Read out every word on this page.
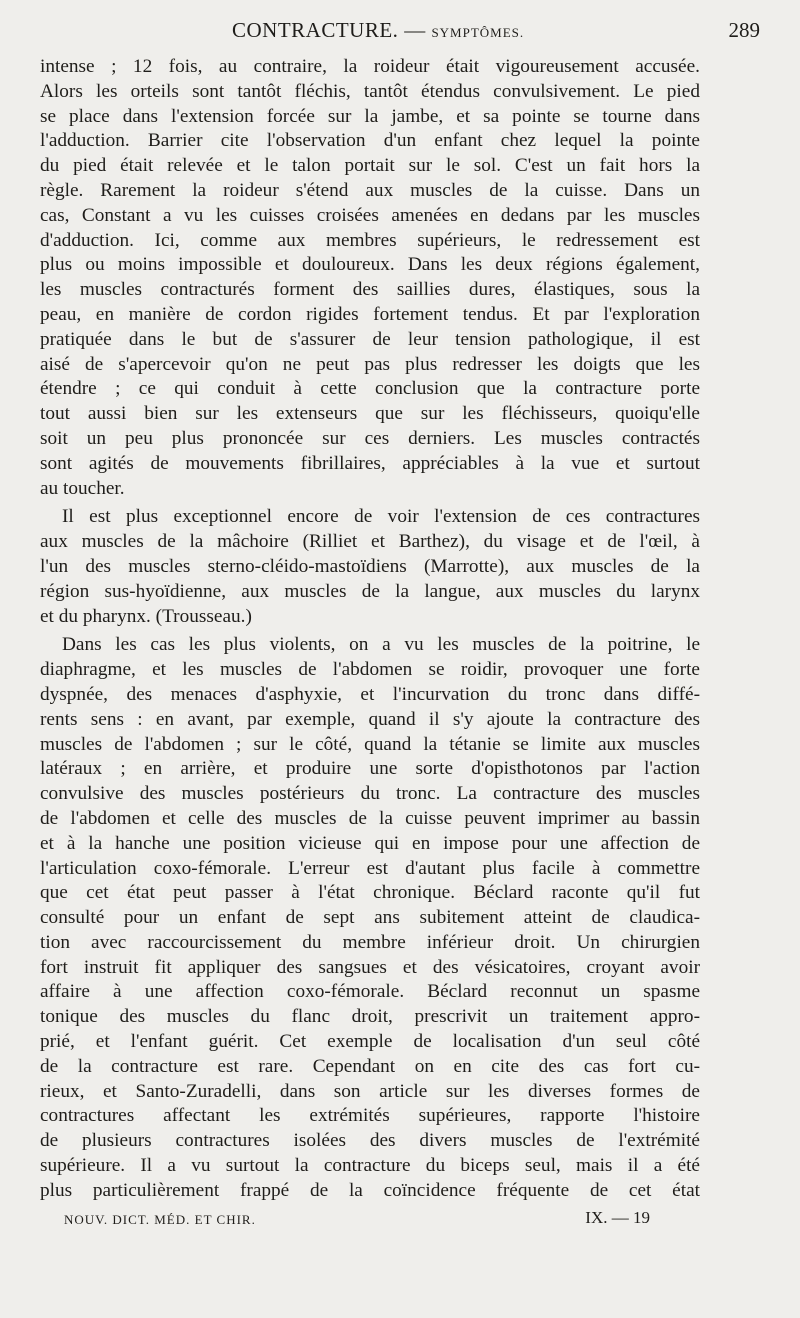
CONTRACTURE. — SYMPTÔMES.	289
intense ; 12 fois, au contraire, la roideur était vigoureusement accusée.
Alors les orteils sont tantôt fléchis, tantôt étendus convulsivement. Le pied
se place dans l'extension forcée sur la jambe, et sa pointe se tourne dans
l'adduction. Barrier cite l'observation d'un enfant chez lequel la pointe
du pied était relevée et le talon portait sur le sol. C'est un fait hors la
règle. Rarement la roideur s'étend aux muscles de la cuisse. Dans un
cas, Constant a vu les cuisses croisées amenées en dedans par les muscles
d'adduction. Ici, comme aux membres supérieurs, le redressement est
plus ou moins impossible et douloureux. Dans les deux régions également,
les muscles contracturés forment des saillies dures, élastiques, sous la
peau, en manière de cordon rigides fortement tendus. Et par l'exploration
pratiquée dans le but de s'assurer de leur tension pathologique, il est
aisé de s'apercevoir qu'on ne peut pas plus redresser les doigts que les
étendre ; ce qui conduit à cette conclusion que la contracture porte
tout aussi bien sur les extenseurs que sur les fléchisseurs, quoiqu'elle
soit un peu plus prononcée sur ces derniers. Les muscles contractés
sont agités de mouvements fibrillaires, appréciables à la vue et surtout
au toucher.
Il est plus exceptionnel encore de voir l'extension de ces contractures
aux muscles de la mâchoire (Rilliet et Barthez), du visage et de l'œil, à
l'un des muscles sterno-cléido-mastoïdiens (Marrotte), aux muscles de la
région sus-hyoïdienne, aux muscles de la langue, aux muscles du larynx
et du pharynx. (Trousseau.)
Dans les cas les plus violents, on a vu les muscles de la poitrine, le
diaphragme, et les muscles de l'abdomen se roidir, provoquer une forte
dyspnée, des menaces d'asphyxie, et l'incurvation du tronc dans diffé-
rents sens : en avant, par exemple, quand il s'y ajoute la contracture des
muscles de l'abdomen ; sur le côté, quand la tétanie se limite aux muscles
latéraux ; en arrière, et produire une sorte d'opisthotonos par l'action
convulsive des muscles postérieurs du tronc. La contracture des muscles
de l'abdomen et celle des muscles de la cuisse peuvent imprimer au bassin
et à la hanche une position vicieuse qui en impose pour une affection de
l'articulation coxo-fémorale. L'erreur est d'autant plus facile à commettre
que cet état peut passer à l'état chronique. Béclard raconte qu'il fut
consulté pour un enfant de sept ans subitement atteint de claudica-
tion avec raccourcissement du membre inférieur droit. Un chirurgien
fort instruit fit appliquer des sangsues et des vésicatoires, croyant avoir
affaire à une affection coxo-fémorale. Béclard reconnut un spasme
tonique des muscles du flanc droit, prescrivit un traitement appro-
prié, et l'enfant guérit. Cet exemple de localisation d'un seul côté
de la contracture est rare. Cependant on en cite des cas fort cu-
rieux, et Santo-Zuradelli, dans son article sur les diverses formes de
contractures affectant les extrémités supérieures, rapporte l'histoire
de plusieurs contractures isolées des divers muscles de l'extrémité
supérieure. Il a vu surtout la contracture du biceps seul, mais il a été
plus particulièrement frappé de la coïncidence fréquente de cet état
NOUV. DICT. MÉD. ET CHIR.	IX. — 19
